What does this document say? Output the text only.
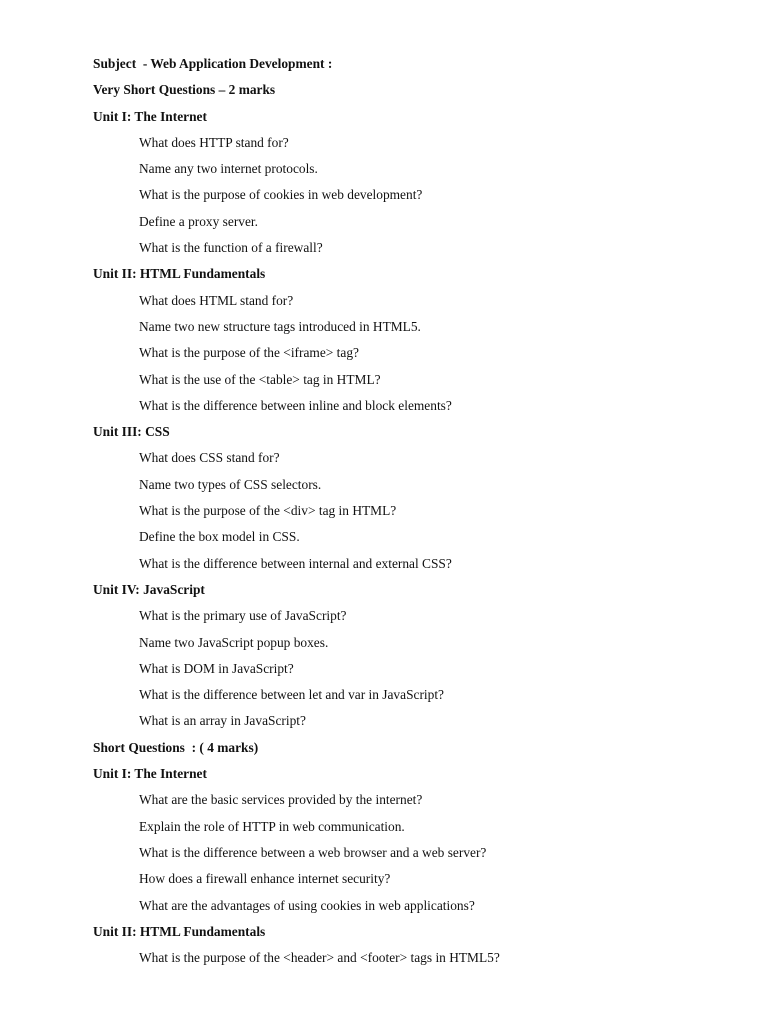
Subject  - Web Application Development :
Very Short Questions – 2 marks
Unit I: The Internet
What does HTTP stand for?
Name any two internet protocols.
What is the purpose of cookies in web development?
Define a proxy server.
What is the function of a firewall?
Unit II: HTML Fundamentals
What does HTML stand for?
Name two new structure tags introduced in HTML5.
What is the purpose of the <iframe> tag?
What is the use of the <table> tag in HTML?
What is the difference between inline and block elements?
Unit III: CSS
What does CSS stand for?
Name two types of CSS selectors.
What is the purpose of the <div> tag in HTML?
Define the box model in CSS.
What is the difference between internal and external CSS?
Unit IV: JavaScript
What is the primary use of JavaScript?
Name two JavaScript popup boxes.
What is DOM in JavaScript?
What is the difference between let and var in JavaScript?
What is an array in JavaScript?
Short Questions  : ( 4 marks)
Unit I: The Internet
What are the basic services provided by the internet?
Explain the role of HTTP in web communication.
What is the difference between a web browser and a web server?
How does a firewall enhance internet security?
What are the advantages of using cookies in web applications?
Unit II: HTML Fundamentals
What is the purpose of the <header> and <footer> tags in HTML5?
